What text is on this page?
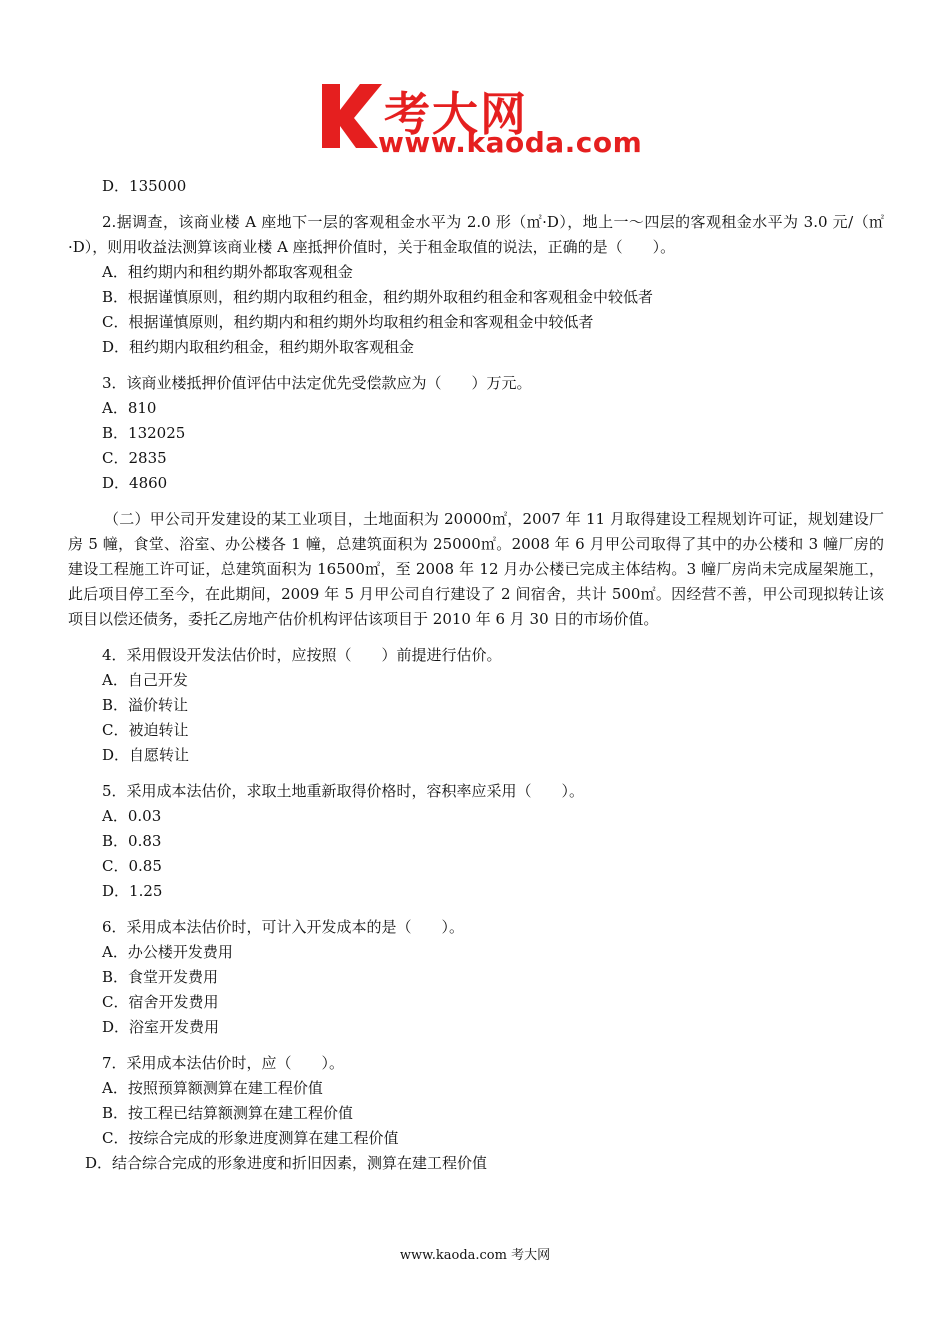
考大网
www.kaoda.com
D．135000
2.据调查，该商业楼 A 座地下一层的客观租金水平为 2.0 形（㎡·D），地上一～四层的客观租金水平为 3.0 元/（㎡·D），则用收益法测算该商业楼 A 座抵押价值时，关于租金取值的说法，正确的是（　　）。
A．租约期内和租约期外都取客观租金
B．根据谨慎原则，租约期内取租约租金，租约期外取租约租金和客观租金中较低者
C．根据谨慎原则，租约期内和租约期外均取租约租金和客观租金中较低者
D．租约期内取租约租金，租约期外取客观租金
3．该商业楼抵押价值评估中法定优先受偿款应为（　　）万元。
A．810
B．132025
C．2835
D．4860
（二）甲公司开发建设的某工业项目，土地面积为 20000㎡，2007 年 11 月取得建设工程规划许可证，规划建设厂房 5 幢，食堂、浴室、办公楼各 1 幢，总建筑面积为 25000㎡。2008 年 6 月甲公司取得了其中的办公楼和 3 幢厂房的建设工程施工许可证，总建筑面积为 16500㎡，至 2008 年 12 月办公楼已完成主体结构。3 幢厂房尚未完成屋架施工，此后项目停工至今，在此期间，2009 年 5 月甲公司自行建设了 2 间宿舍，共计 500㎡。因经营不善，甲公司现拟转让该项目以偿还债务，委托乙房地产估价机构评估该项目于 2010 年 6 月 30 日的市场价值。
4．采用假设开发法估价时，应按照（　　）前提进行估价。
A．自己开发
B．溢价转让
C．被迫转让
D．自愿转让
5．采用成本法估价，求取土地重新取得价格时，容积率应采用（　　）。
A．0.03
B．0.83
C．0.85
D．1.25
6．采用成本法估价时，可计入开发成本的是（　　）。
A．办公楼开发费用
B．食堂开发费用
C．宿舍开发费用
D．浴室开发费用
7．采用成本法估价时，应（　　）。
A．按照预算额测算在建工程价值
B．按工程已结算额测算在建工程价值
C．按综合完成的形象进度测算在建工程价值
D．结合综合完成的形象进度和折旧因素，测算在建工程价值
www.kaoda.com 考大网
